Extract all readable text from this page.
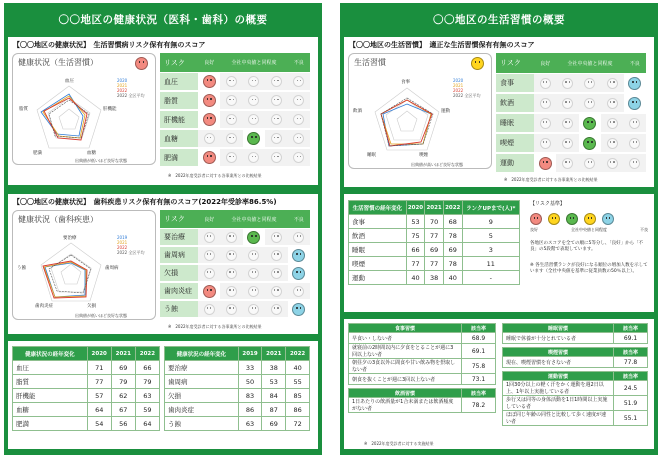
〇〇地区の健康状況（医科・歯科）の概要
【〇〇地区の健康状況】　生活習慣病リスク保有有無のスコア
健康状況（生活習慣）
血圧
脂質	肝機能
肥満	血糖
2020
2021
2022
2022 全区平均
出典値が低いほど良好な状態
リスク	良好	全社中央値と同程度	不良
血圧
脂質
肝機能
血糖
肥満
※　2022年度受診者に対する各事業所との比較結果
【〇〇地区の健康状況】　歯科疾患リスク保有有無のスコア(2022年受診率86.5%)
健康状況（歯科疾患）
要治療
う蝕	歯周病
歯肉炎症	欠損
2019
2021
2022
2022 全区平均
出典値が低いほど良好な状態
リスク	良好	全社中央値と同程度	不良
要治療
歯周病
欠損
歯肉炎症
う蝕
※　2022年度受診者に対する各事業所との比較結果
健康状況の経年変化	2020	2021	2022
血圧	71	69	66
脂質	77	79	79
肝機能	57	62	63
血糖	64	67	59
肥満	54	56	64
健康状況の経年変化	2019	2021	2022
要治療	33	38	40
歯周病	50	53	55
欠損	83	84	85
歯肉炎症	86	87	86
う蝕	63	69	72
〇〇地区の生活習慣の概要
【〇〇地区の生活習慣】　適正な生活習慣保有有無のスコア
生活習慣
食事
飲酒	運動
睡眠	喫煙
2020
2021
2022
2022 全区平均
出典値が高いほど良好な状態
リスク	良好	全社中央値と同程度	不良
食事
飲酒
睡眠
喫煙
運動
※　2022年度受診者に対する各事業所との比較結果
生活習慣の経年変化	2020	2021	2022	ランクUPまで(人)*
食事	53	70	68	9
飲酒	75	77	78	5
睡眠	66	69	69	3
喫煙	77	77	78	11
運動	40	38	40	-
【リスク基準】
良好	全社中央値と同程度	不良
各地区のスコアを全ての順に5等分し、「良好」から「不良」の5段階で表現しています。
※ 各生活習慣ランクが良好になる順位の増加人数を示しています（全社中央値を基準に従業員数の50％以上）。
食事習慣	該当率
早食い・しない者	68.9
就寝前の2時間以内に夕食をとることが週に3回以上ない者	69.1
朝昼夕の3食以外に間食や甘い飲み物を摂取しない者	75.8
朝食を抜くことが週に3回以上ない者	73.1
飲酒習慣	該当率
1日あたりの飲酒量が1合未満または飲酒頻度がない者	78.2
睡眠習慣	該当率
睡眠で休養が十分とれている者	69.1
喫煙習慣	該当率
現在、喫煙習慣を有さない者	77.8
運動習慣	該当率
1回30分以上の軽く汗をかく運動を週2日以上、1年以上実施している者	24.5
歩行又は同等の身体活動を1日1時間以上実施している者	51.9
ほぼ同じ年齢の同性と比較して歩く速度が速い者	55.1
※　2022年度受診者に対する実施結果
